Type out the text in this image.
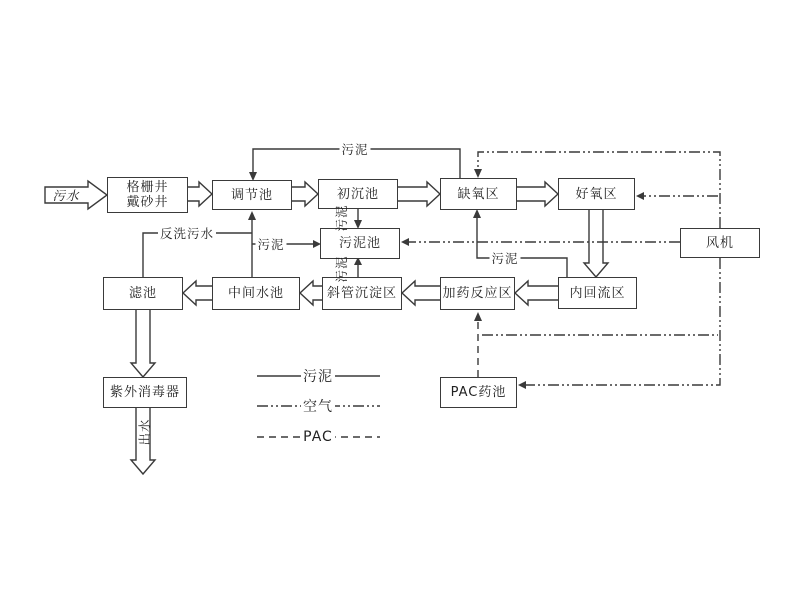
格栅井
戴砂井	调节池	初沉池	缺氧区	好氧区
风机
污泥池
滤池	中间水池	斜管沉淀区	加药反应区	内回流区
紫外消毒器	PAC药池
污水
污泥
反洗污水
污泥
污泥
污泥
污泥
出水
污泥
空气
PAC
